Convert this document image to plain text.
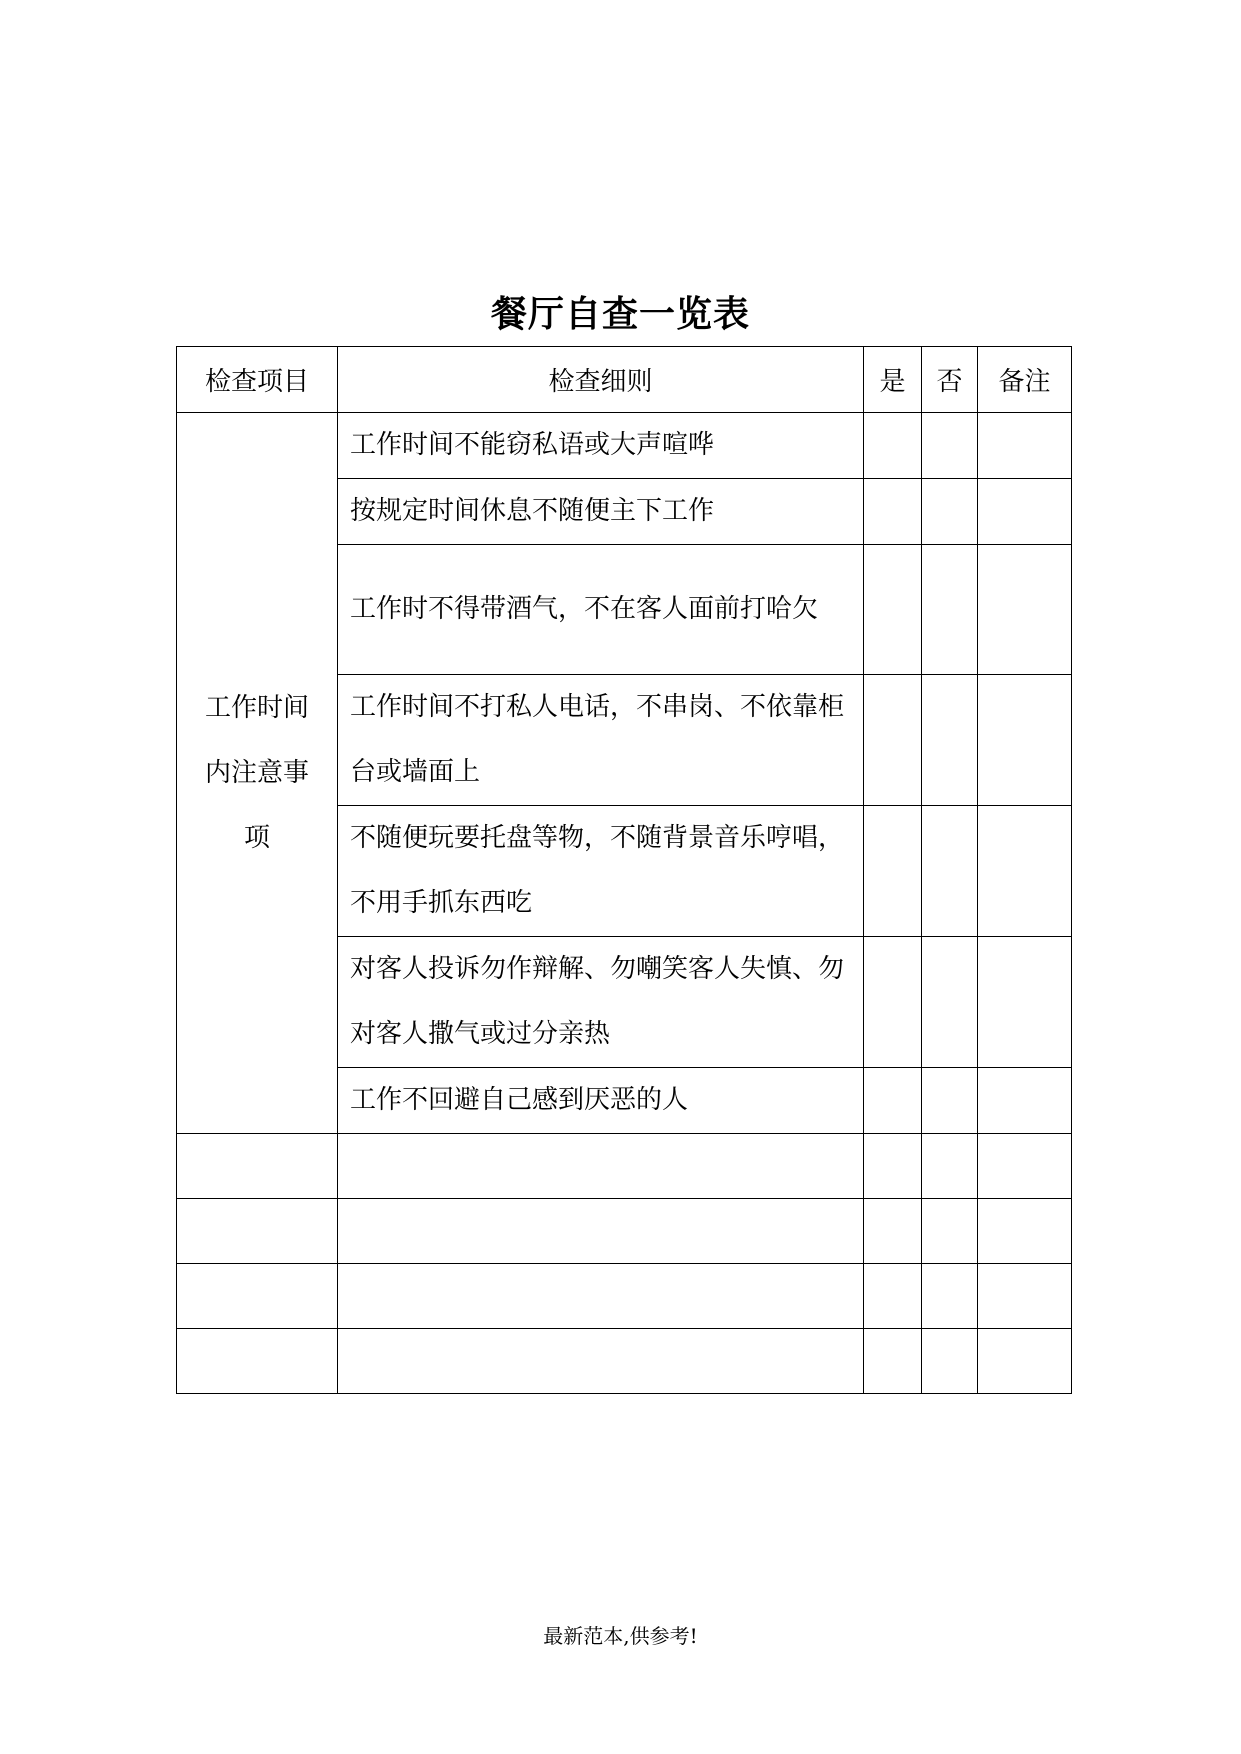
餐厅自查一览表
检查项目	检查细则	是	否	备注
工作时间内注意事项	工作时间不能窃私语或大声喧哗			
	按规定时间休息不随便主下工作			
	工作时不得带酒气，不在客人面前打哈欠			
	工作时间不打私人电话，不串岗、不依靠柜台或墙面上			
	不随便玩要托盘等物，不随背景音乐哼唱，不用手抓东西吃			
	对客人投诉勿作辩解、勿嘲笑客人失慎、勿对客人撒气或过分亲热			
	工作不回避自己感到厌恶的人			

最新范本,供参考!
